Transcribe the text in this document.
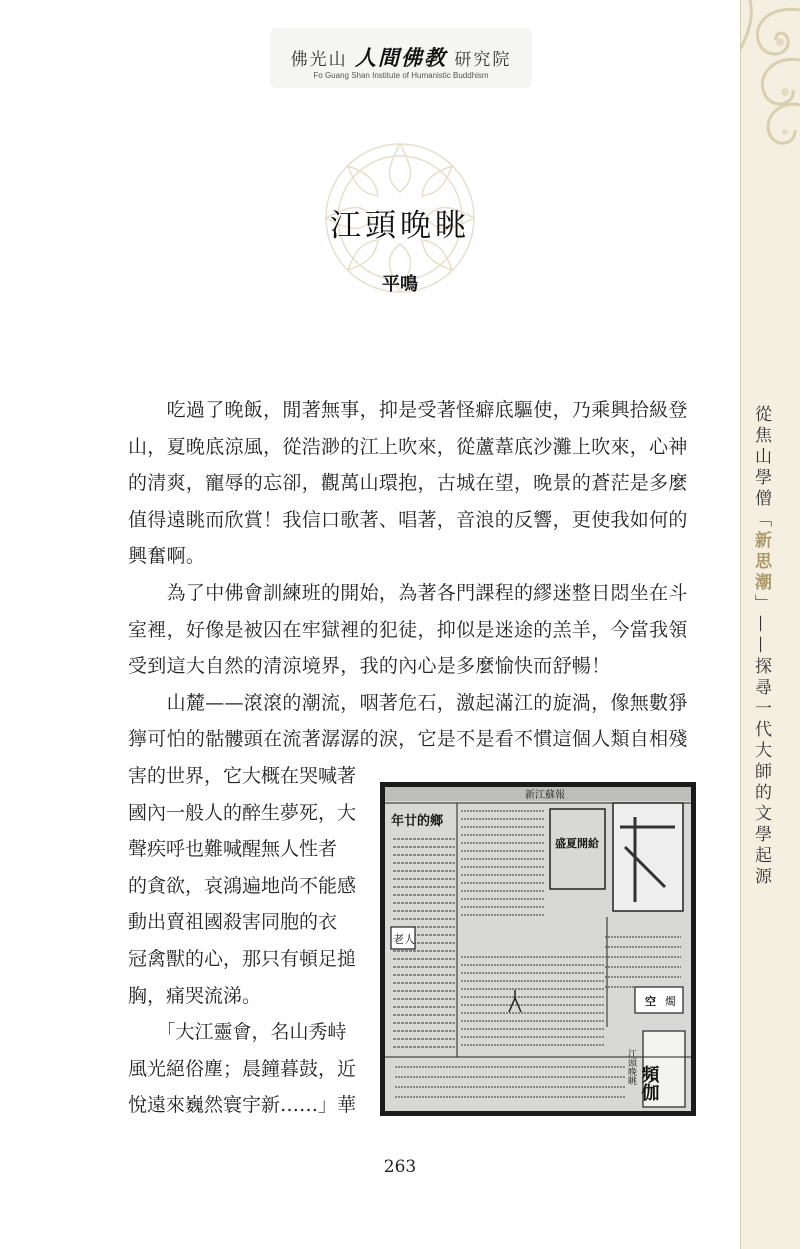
從焦山學僧「新思潮」——探尋一代大師的文學起源
佛光山 人間佛教 研究院
Fo Guang Shan Institute of Humanistic Buddhism
江頭晚眺
平鳴
　　吃過了晚飯，閒著無事，抑是受著怪癖底驅使，乃乘興拾級登
山，夏晚底涼風，從浩渺的江上吹來，從蘆葦底沙灘上吹來，心神
的清爽，寵辱的忘卻，觀萬山環抱，古城在望，晚景的蒼茫是多麼
值得遠眺而欣賞！我信口歌著、唱著，音浪的反響，更使我如何的
興奮啊。
　　為了中佛會訓練班的開始，為著各門課程的繆迷整日悶坐在斗
室裡，好像是被囚在牢獄裡的犯徒，抑似是迷途的羔羊，今當我領
受到這大自然的清涼境界，我的內心是多麼愉快而舒暢！
　　山麓——滾滾的潮流，咽著危石，激起滿江的旋渦，像無數猙
獰可怕的骷髏頭在流著潺潺的淚，它是不是看不慣這個人類自相殘
害的世界，它大概在哭喊著
國內一般人的醉生夢死，大
聲疾呼也難喊醒無人性者
的貪欲，哀鴻遍地尚不能感
動出賣祖國殺害同胞的衣
冠禽獸的心，那只有頓足搥
胸，痛哭流涕。
　　「大江靈會，名山秀峙
風光絕俗塵；晨鐘暮鼓，近
悅遠來巍然寰宇新……」華
新江蘇報
年廿的鄉
盛夏開給
老人
空 燭
頻伽
江頭晚眺
263
